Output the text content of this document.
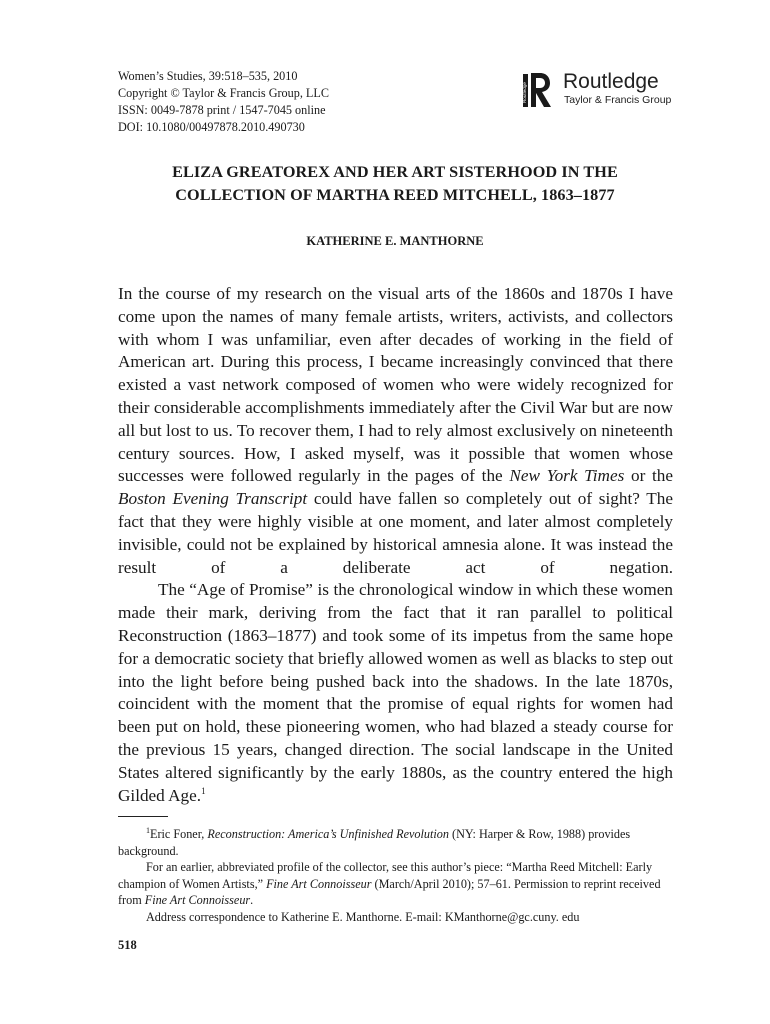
Women’s Studies, 39:518–535, 2010
Copyright © Taylor & Francis Group, LLC
ISSN: 0049-7878 print / 1547-7045 online
DOI: 10.1080/00497878.2010.490730
Routledge Routledge
Taylor & Francis Group
ELIZA GREATOREX AND HER ART SISTERHOOD IN THE
COLLECTION OF MARTHA REED MITCHELL, 1863–1877
KATHERINE E. MANTHORNE

In the course of my research on the visual arts of the 1860s and 1870s I have come upon the names of many female artists, writers, activists, and collectors with whom I was unfamiliar, even after decades of working in the field of American art. During this process, I became increasingly convinced that there existed a vast network composed of women who were widely recognized for their considerable accomplishments immediately after the Civil War but are now all but lost to us. To recover them, I had to rely almost exclusively on nineteenth century sources. How, I asked myself, was it possible that women whose successes were followed regularly in the pages of the New York Times or the Boston Evening Transcript could have fallen so completely out of sight? The fact that they were highly visible at one moment, and later almost completely invisible, could not be explained by historical amnesia alone. It was instead the result of a deliberate act of negation.

The “Age of Promise” is the chronological window in which these women made their mark, deriving from the fact that it ran parallel to political Reconstruction (1863–1877) and took some of its impetus from the same hope for a democratic society that briefly allowed women as well as blacks to step out into the light before being pushed back into the shadows. In the late 1870s, coincident with the moment that the promise of equal rights for women had been put on hold, these pioneering women, who had blazed a steady course for the previous 15 years, changed direction. The social landscape in the United States altered significantly by the early 1880s, as the country entered the high Gilded Age.$^1$

$^1$Eric Foner, Reconstruction: America’s Unfinished Revolution (NY: Harper & Row, 1988) provides background.

For an earlier, abbreviated profile of the collector, see this author’s piece: “Martha Reed Mitchell: Early champion of Women Artists,” Fine Art Connoisseur (March/April 2010); 57–61. Permission to reprint received from Fine Art Connoisseur.

Address correspondence to Katherine E. Manthorne. E-mail: KManthorne@gc.cuny. edu

518
